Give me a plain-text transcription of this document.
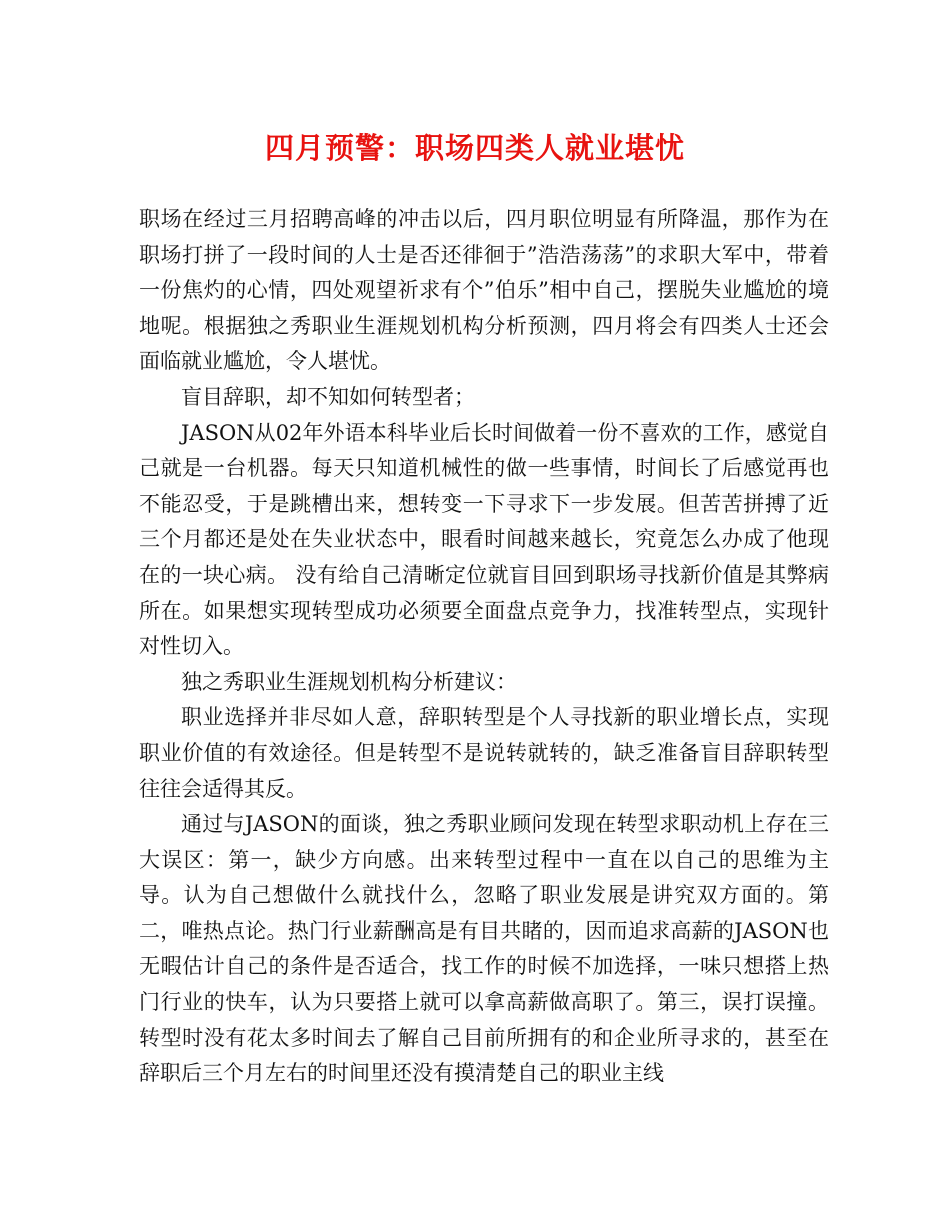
四月预警：职场四类人就业堪忧

职场在经过三月招聘高峰的冲击以后，四月职位明显有所降温，那作为在职场打拼了一段时间的人士是否还徘徊于”浩浩荡荡”的求职大军中，带着一份焦灼的心情，四处观望祈求有个”伯乐”相中自己，摆脱失业尴尬的境地呢。根据独之秀职业生涯规划机构分析预测，四月将会有四类人士还会面临就业尴尬，令人堪忧。

盲目辞职，却不知如何转型者；

JASON从02年外语本科毕业后长时间做着一份不喜欢的工作，感觉自己就是一台机器。每天只知道机械性的做一些事情，时间长了后感觉再也不能忍受，于是跳槽出来，想转变一下寻求下一步发展。但苦苦拼搏了近三个月都还是处在失业状态中，眼看时间越来越长，究竟怎么办成了他现在的一块心病。 没有给自己清晰定位就盲目回到职场寻找新价值是其弊病所在。如果想实现转型成功必须要全面盘点竞争力，找准转型点，实现针对性切入。

独之秀职业生涯规划机构分析建议：

职业选择并非尽如人意，辞职转型是个人寻找新的职业增长点，实现职业价值的有效途径。但是转型不是说转就转的，缺乏准备盲目辞职转型往往会适得其反。

通过与JASON的面谈，独之秀职业顾问发现在转型求职动机上存在三大误区：第一，缺少方向感。出来转型过程中一直在以自己的思维为主导。认为自己想做什么就找什么，忽略了职业发展是讲究双方面的。第二，唯热点论。热门行业薪酬高是有目共睹的，因而追求高薪的JASON也无暇估计自己的条件是否适合，找工作的时候不加选择，一味只想搭上热门行业的快车，认为只要搭上就可以拿高薪做高职了。第三，误打误撞。转型时没有花太多时间去了解自己目前所拥有的和企业所寻求的，甚至在辞职后三个月左右的时间里还没有摸清楚自己的职业主线
